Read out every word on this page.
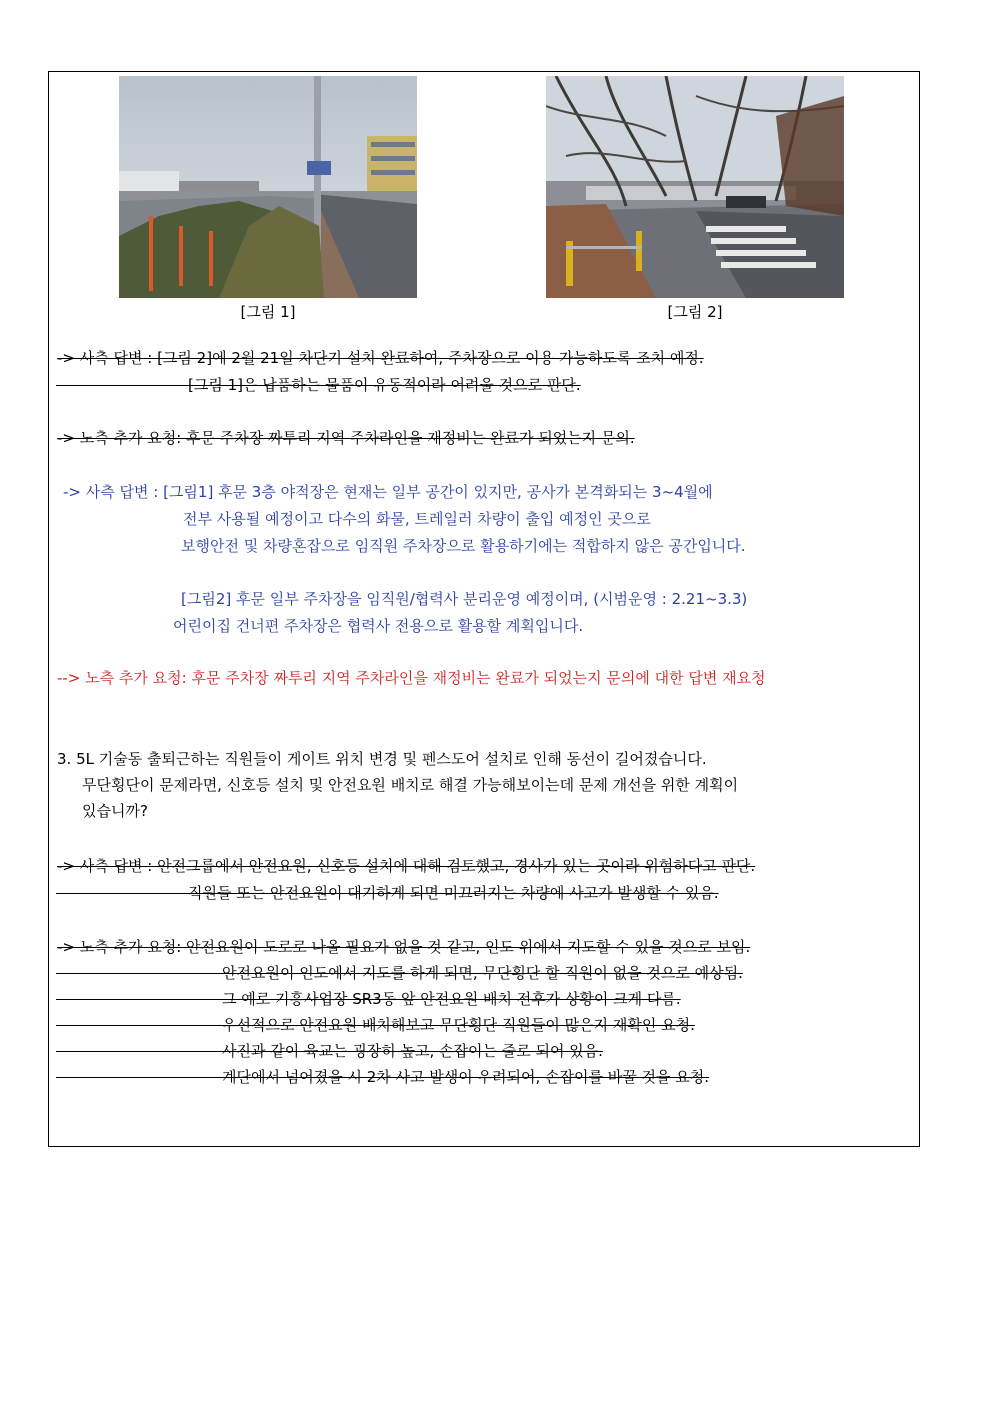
[그림 1]	[그림 2]
-> 사측 답변 : [그림 2]에 2월 21일 차단기 설치 완료하여, 주차장으로 이용 가능하도록 조치 예정.
[그림 1]은 납품하는 물품이 유동적이라 어려울 것으로 판단.
-> 노측 추가 요청: 후문 주차장 짜투리 지역 주차라인을 재정비는 완료가 되었는지 문의.
-> 사측 답변 : [그림1] 후문 3층 야적장은 현재는 일부 공간이 있지만, 공사가 본격화되는 3~4월에
전부 사용될 예정이고 다수의 화물, 트레일러 차량이 출입 예정인 곳으로
보행안전 및 차량혼잡으로 임직원 주차장으로 활용하기에는 적합하지 않은 공간입니다.
[그림2] 후문 일부 주차장을 임직원/협력사 분리운영 예정이며, (시범운영 : 2.21~3.3)
어린이집 건너편 주차장은 협력사 전용으로 활용할 계획입니다.
--> 노측 추가 요청: 후문 주차장 짜투리 지역 주차라인을 재정비는 완료가 되었는지 문의에 대한 답변 재요청
3. 5L 기술동 출퇴근하는 직원들이 게이트 위치 변경 및 펜스도어 설치로 인해 동선이 길어졌습니다.
무단횡단이 문제라면, 신호등 설치 및 안전요원 배치로 해결 가능해보이는데 문제 개선을 위한 계획이
있습니까?
-> 사측 답변 : 안전그룹에서 안전요원, 신호등 설치에 대해 검토했고, 경사가 있는 곳이라 위험하다고 판단.
직원들 또는 안전요원이 대기하게 되면 미끄러지는 차량에 사고가 발생할 수 있음.
-> 노측 추가 요청: 안전요원이 도로로 나올 필요가 없을 것 같고, 인도 위에서 지도할 수 있을 것으로 보임.
안전요원이 인도에서 지도를 하게 되면, 무단횡단 할 직원이 없을 것으로 예상됨.
그 예로 기흥사업장 SR3동 앞 안전요원 배치 전후가 상황이 크게 다름.
우선적으로 안전요원 배치해보고 무단횡단 직원들이 많은지 재확인 요청.
사진과 같이 육교는 굉장히 높고, 손잡이는 줄로 되어 있음.
계단에서 넘어졌을 시 2차 사고 발생이 우려되어, 손잡이를 바꿀 것을 요청.
